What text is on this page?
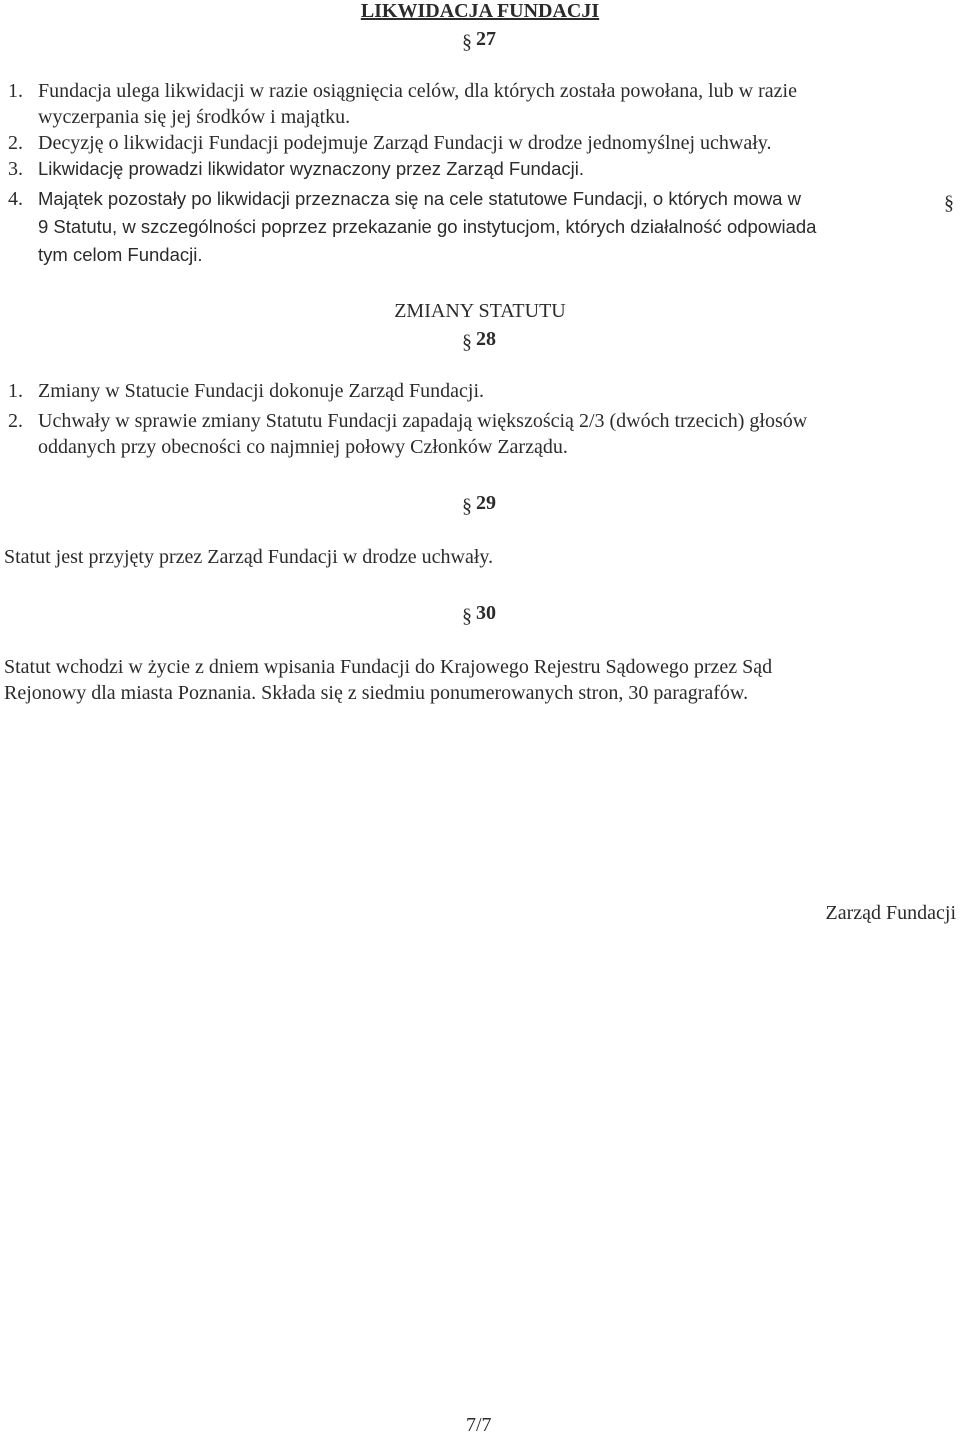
LIKWIDACJA FUNDACJI
§ 27
1. Fundacja ulega likwidacji w razie osiągnięcia celów, dla których została powołana, lub w razie
wyczerpania się jej środków i majątku.
2. Decyzję o likwidacji Fundacji podejmuje Zarząd Fundacji w drodze jednomyślnej uchwały.
3. Likwidację prowadzi likwidator wyznaczony przez Zarząd Fundacji.
4. Majątek pozostały po likwidacji przeznacza się na cele statutowe Fundacji, o których mowa w	§
9 Statutu, w szczególności poprzez przekazanie go instytucjom, których działalność odpowiada
tym celom Fundacji.
ZMIANY STATUTU
§ 28
1. Zmiany w Statucie Fundacji dokonuje Zarząd Fundacji.
2. Uchwały w sprawie zmiany Statutu Fundacji zapadają większością 2/3 (dwóch trzecich) głosów
oddanych przy obecności co najmniej połowy Członków Zarządu.
§ 29
Statut jest przyjęty przez Zarząd Fundacji w drodze uchwały.
§ 30
Statut wchodzi w życie z dniem wpisania Fundacji do Krajowego Rejestru Sądowego przez Sąd
Rejonowy dla miasta Poznania. Składa się z siedmiu ponumerowanych stron, 30 paragrafów.
Zarząd Fundacji
7/7
